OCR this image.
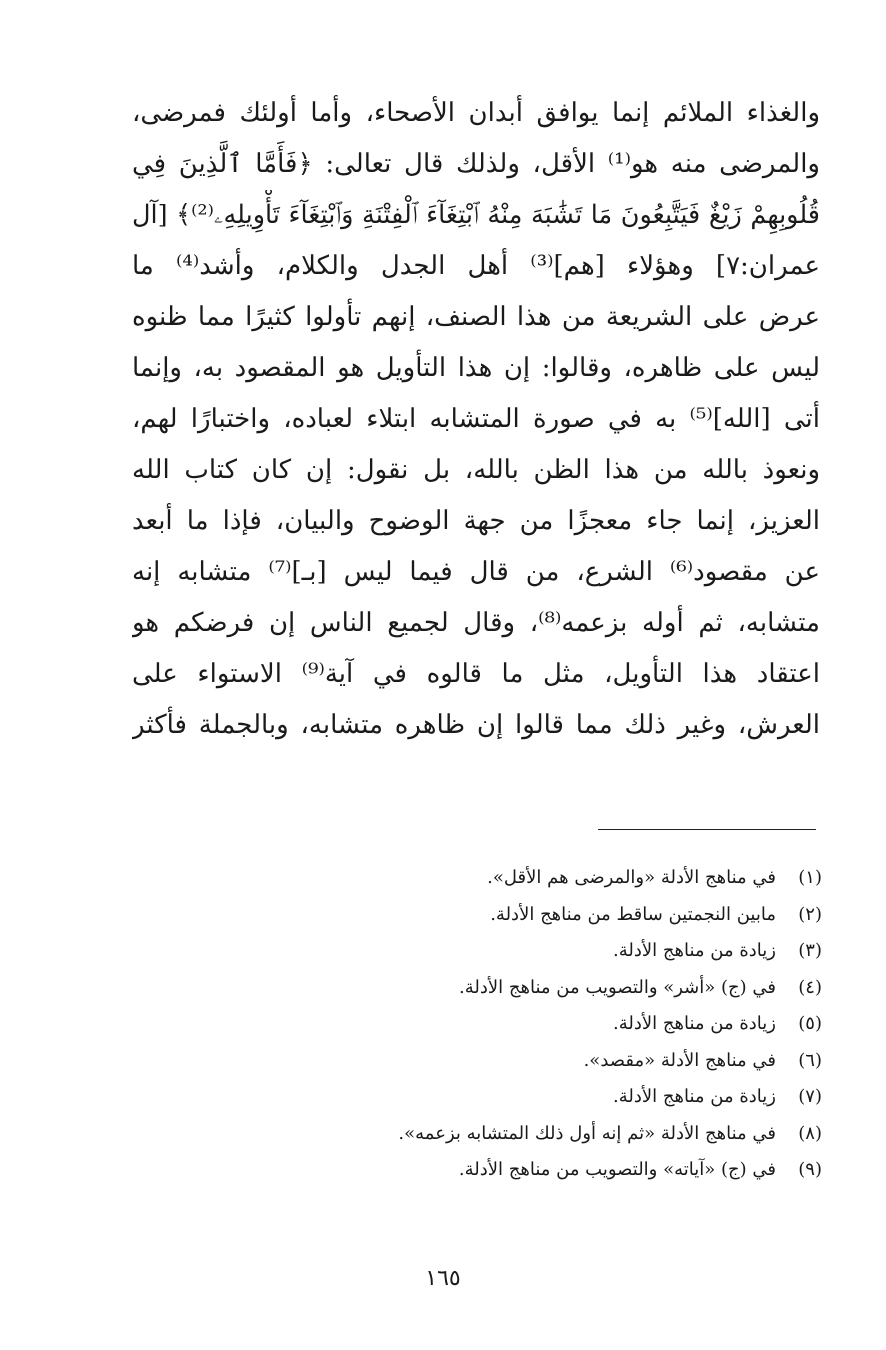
والغذاء الملائم إنما يوافق أبدان الأصحاء، وأما أولئك فمرضى،
والمرضى منه هو⁽¹⁾ الأقل، ولذلك قال تعالى: ﴿فَأَمَّا ٱلَّذِينَ فِي
قُلُوبِهِمْ زَيْغٌ فَيَتَّبِعُونَ مَا تَشَٰبَهَ مِنْهُ ٱبْتِغَآءَ ٱلْفِتْنَةِ وَٱبْتِغَآءَ تَأْوِيلِهِۦ⁽²⁾﴾ [آل
عمران:٧] وهؤلاء [هم]⁽³⁾ أهل الجدل والكلام، وأشد⁽⁴⁾ ما
عرض على الشريعة من هذا الصنف، إنهم تأولوا كثيرًا مما ظنوه
ليس على ظاهره، وقالوا: إن هذا التأويل هو المقصود به، وإنما
أتى [الله]⁽⁵⁾ به في صورة المتشابه ابتلاء لعباده، واختبارًا لهم،
ونعوذ بالله من هذا الظن بالله، بل نقول: إن كان كتاب الله
العزيز، إنما جاء معجزًا من جهة الوضوح والبيان، فإذا ما أبعد
عن مقصود⁽⁶⁾ الشرع، من قال فيما ليس [بـ]⁽⁷⁾ متشابه إنه
متشابه، ثم أوله بزعمه⁽⁸⁾، وقال لجميع الناس إن فرضكم هو
اعتقاد هذا التأويل، مثل ما قالوه في آية⁽⁹⁾ الاستواء على
العرش، وغير ذلك مما قالوا إن ظاهره متشابه، وبالجملة فأكثر
(١)
في مناهج الأدلة «والمرضى هم الأقل».
(٢)
مابين النجمتين ساقط من مناهج الأدلة.
(٣)
زيادة من مناهج الأدلة.
(٤)
في (ج) «أشر» والتصويب من مناهج الأدلة.
(٥)
زيادة من مناهج الأدلة.
(٦)
في مناهج الأدلة «مقصد».
(٧)
زيادة من مناهج الأدلة.
(٨)
في مناهج الأدلة «ثم إنه أول ذلك المتشابه بزعمه».
(٩)
في (ج) «آياته» والتصويب من مناهج الأدلة.
١٦٥
